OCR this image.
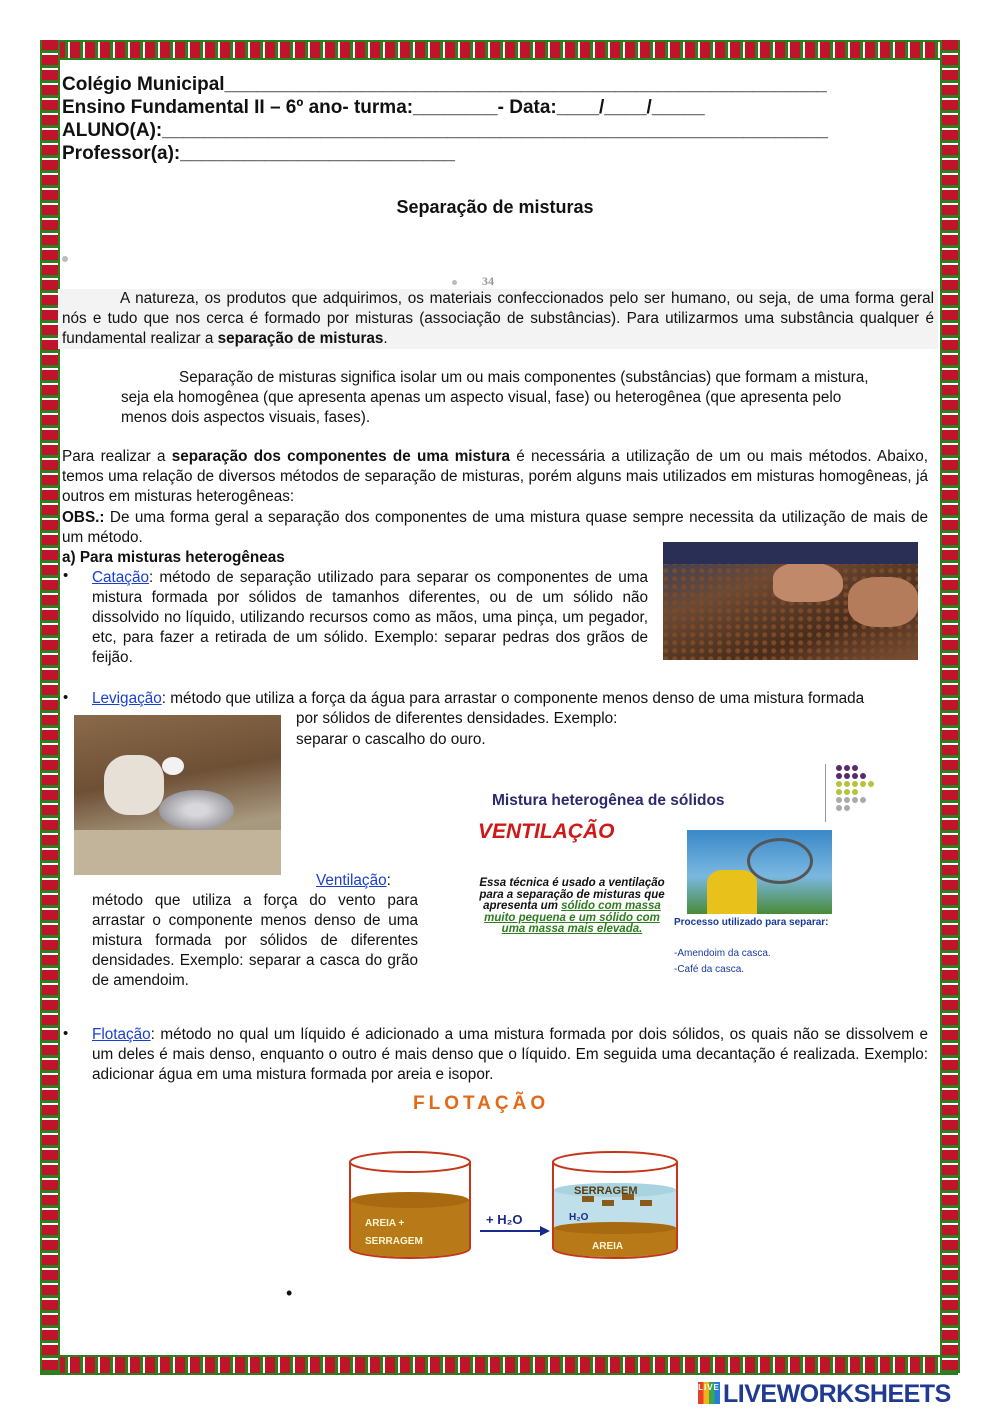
Colégio Municipal_________________________________________________________
Ensino Fundamental II – 6º ano- turma:________- Data:____/____/_____
ALUNO(A):_______________________________________________________________
Professor(a):__________________________
Separação de misturas
34
A natureza, os produtos que adquirimos, os materiais confeccionados pelo ser humano, ou seja, de uma forma geral nós e tudo que nos cerca é formado por misturas (associação de substâncias). Para utilizarmos uma substância qualquer é fundamental realizar a separação de misturas.
Separação de misturas significa isolar um ou mais componentes (substâncias) que formam a mistura, seja ela homogênea (que apresenta apenas um aspecto visual, fase) ou heterogênea (que apresenta pelo menos dois aspectos visuais, fases).
Para realizar a separação dos componentes de uma mistura é necessária a utilização de um ou mais métodos. Abaixo, temos uma relação de diversos métodos de separação de misturas, porém alguns mais utilizados em misturas homogêneas, já outros em misturas heterogêneas:
OBS.: De uma forma geral a separação dos componentes de uma mistura quase sempre necessita da utilização de mais de um método.
a) Para misturas heterogêneas
• Catação: método de separação utilizado para separar os componentes de uma mistura formada por sólidos de tamanhos diferentes, ou de um sólido não dissolvido no líquido, utilizando recursos como as mãos, uma pinça, um pegador, etc, para fazer a retirada de um sólido. Exemplo: separar pedras dos grãos de feijão.
• Levigação: método que utiliza a força da água para arrastar o componente menos denso de uma mistura formada
por sólidos de diferentes densidades. Exemplo:
separar o cascalho do ouro.
Ventilação:
método que utiliza a força do vento para arrastar o componente menos denso de uma mistura formada por sólidos de diferentes densidades. Exemplo: separar a casca do grão de amendoim.
Mistura heterogênea de sólidos
VENTILAÇÃO
Essa técnica é usado a ventilação para a separação de misturas que apresenta um sólido com massa muito pequena e um sólido com uma massa mais elevada.
Processo utilizado para separar:
-Amendoim da casca.
-Café da casca.
• Flotação: método no qual um líquido é adicionado a uma mistura formada por dois sólidos, os quais não se dissolvem e um deles é mais denso, enquanto o outro é mais denso que o líquido. Em seguida uma decantação é realizada. Exemplo: adicionar água em uma mistura formada por areia e isopor.
FLOTAÇÃO
AREIA +
SERRAGEM
+ H₂O
SERRAGEM
H₂O
AREIA
•
LIVE LIVEWORKSHEETS
